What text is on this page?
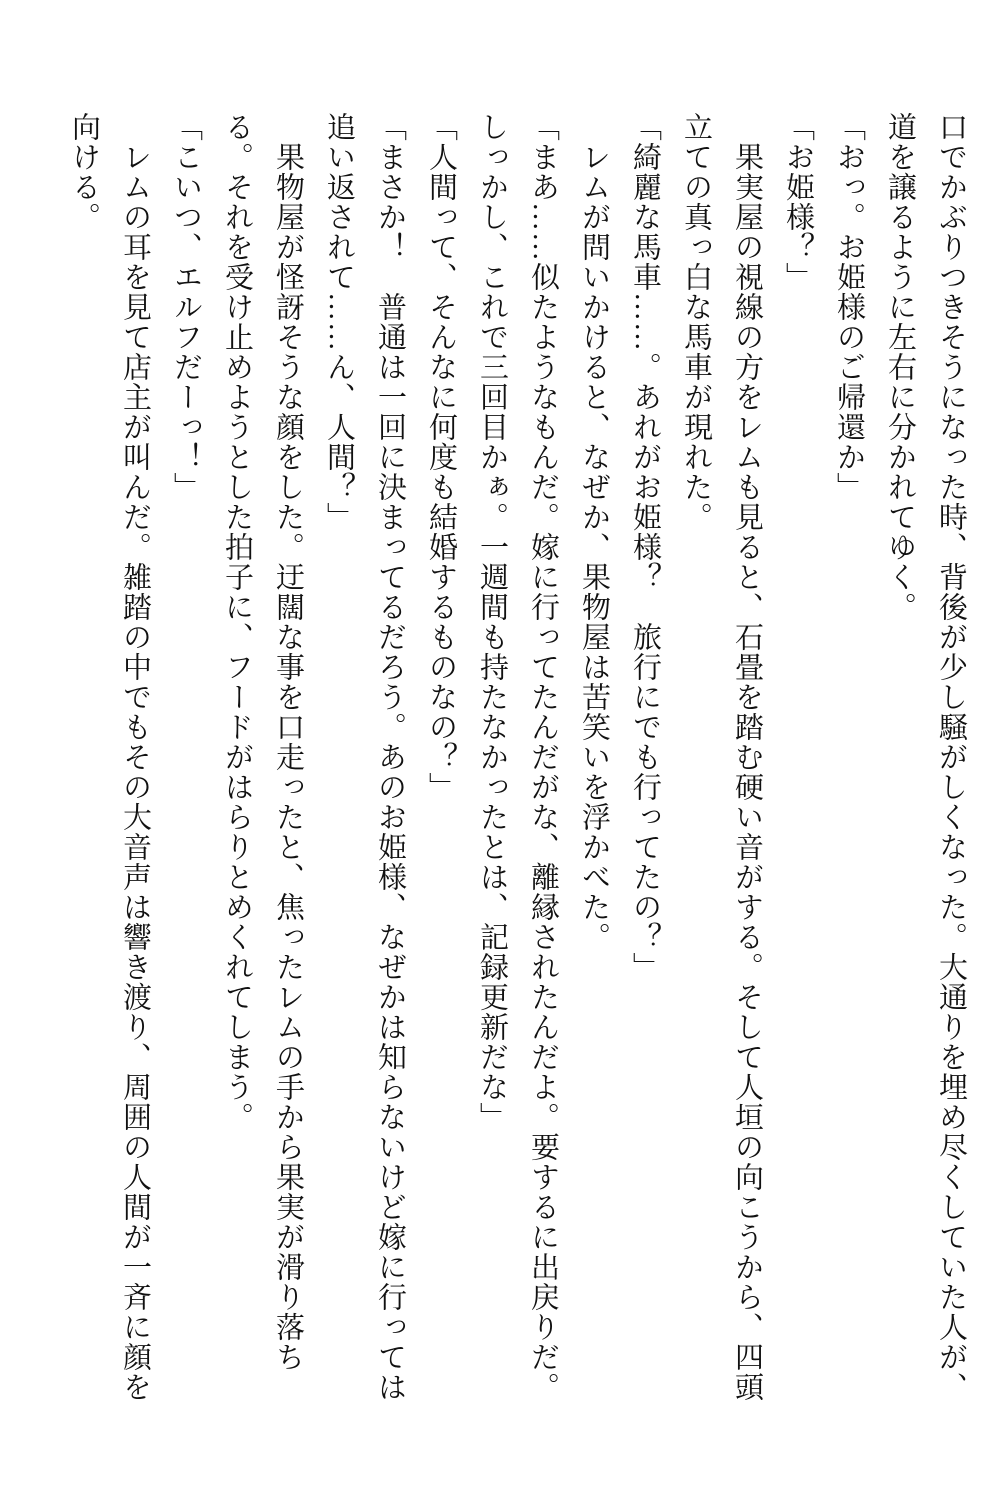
口でかぶりつきそうになった時、背後が少し騒がしくなった。大通りを埋め尽くしていた人が、

道を譲るように左右に分かれてゆく。

「おっ。お姫様のご帰還か」

「お姫様？」

果実屋の視線の方をレムも見ると、石畳を踏む硬い音がする。そして人垣の向こうから、四頭

立ての真っ白な馬車が現れた。

「綺麗な馬車……。あれがお姫様？　旅行にでも行ってたの？」

レムが問いかけると、なぜか、果物屋は苦笑いを浮かべた。

「まあ……似たようなもんだ。嫁に行ってたんだがな、離縁されたんだよ。要するに出戻りだ。

しっかし、これで三回目かぁ。一週間も持たなかったとは、記録更新だな」

「人間って、そんなに何度も結婚するものなの？」

「まさか！　普通は一回に決まってるだろう。あのお姫様、なぜかは知らないけど嫁に行っては

追い返されて……ん、人間？」

果物屋が怪訝そうな顔をした。迂闊な事を口走ったと、焦ったレムの手から果実が滑り落ち

る。それを受け止めようとした拍子に、フードがはらりとめくれてしまう。

「こいつ、エルフだーっ！」

レムの耳を見て店主が叫んだ。雑踏の中でもその大音声は響き渡り、周囲の人間が一斉に顔を

向ける。
